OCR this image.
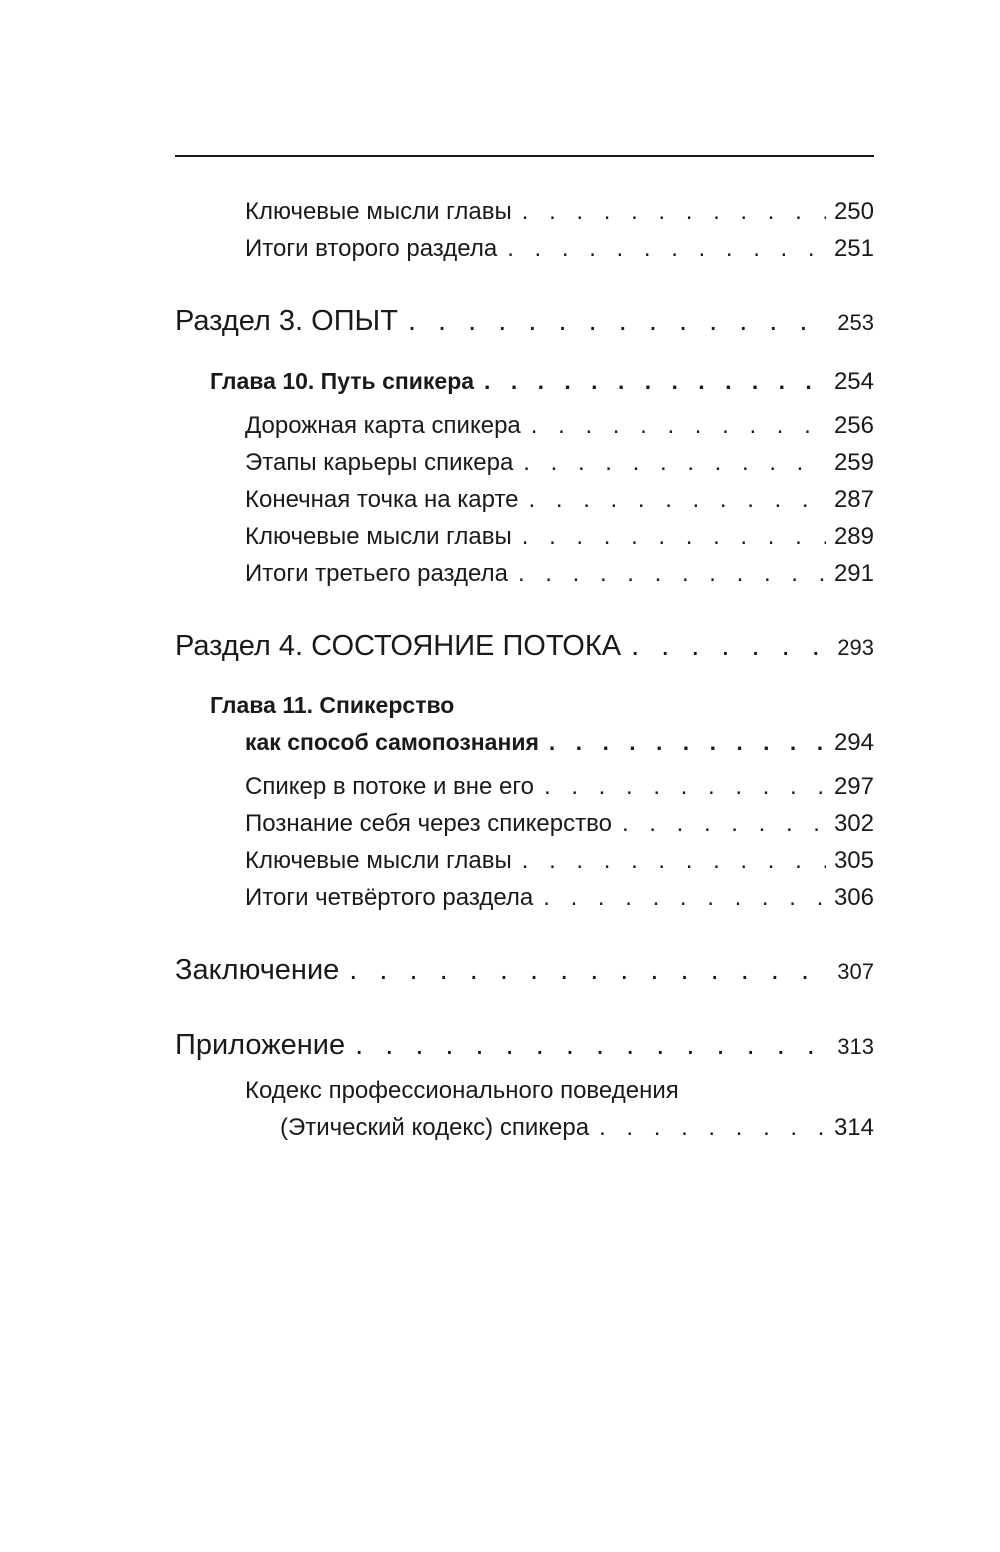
Ключевые мысли главы . . .	250
Итоги второго раздела . . .	251
Раздел 3. ОПЫТ . . .	253
Глава 10. Путь спикера . . .	254
Дорожная карта спикера . . .	256
Этапы карьеры спикера . . .	259
Конечная точка на карте . . .	287
Ключевые мысли главы . . .	289
Итоги третьего раздела . . .	291
Раздел 4. СОСТОЯНИЕ ПОТОКА . . .	293
Глава 11. Спикерство
как способ самопознания . . .	294
Спикер в потоке и вне его . . .	297
Познание себя через спикерство . . .	302
Ключевые мысли главы . . .	305
Итоги четвёртого раздела . . .	306
Заключение . . .	307
Приложение . . .	313
Кодекс профессионального поведения
(Этический кодекс) спикера . . .	314
